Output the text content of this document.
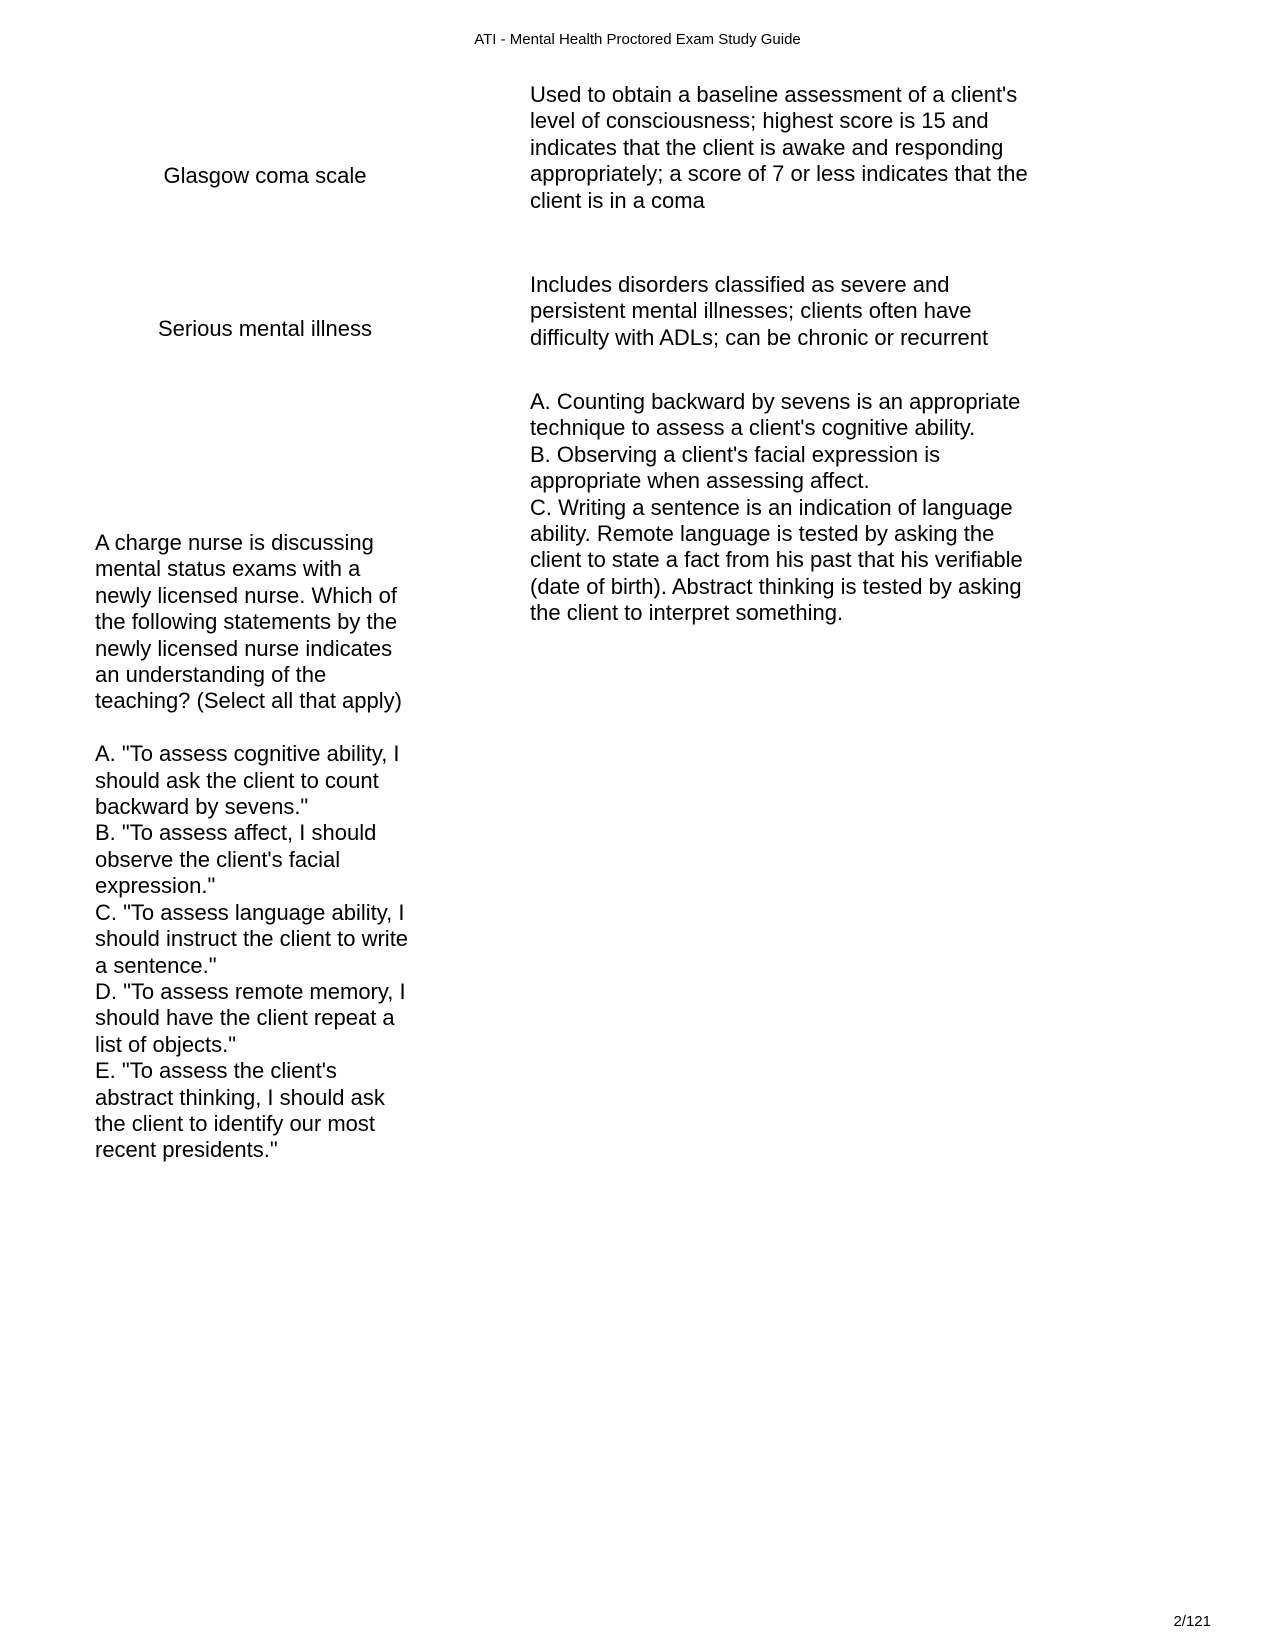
ATI - Mental Health Proctored Exam Study Guide
Glasgow coma scale
Used to obtain a baseline assessment of a client's
level of consciousness; highest score is 15 and
indicates that the client is awake and responding
appropriately; a score of 7 or less indicates that the
client is in a coma
Serious mental illness
Includes disorders classified as severe and
persistent mental illnesses; clients often have
difficulty with ADLs; can be chronic or recurrent
A charge nurse is discussing
mental status exams with a
newly licensed nurse. Which of
the following statements by the
newly licensed nurse indicates
an understanding of the
teaching? (Select all that apply)

A. "To assess cognitive ability, I
should ask the client to count
backward by sevens."
B. "To assess affect, I should
observe the client's facial
expression."
C. "To assess language ability, I
should instruct the client to write
a sentence."
D. "To assess remote memory, I
should have the client repeat a
list of objects."
E. "To assess the client's
abstract thinking, I should ask
the client to identify our most
recent presidents."
A. Counting backward by sevens is an appropriate
technique to assess a client's cognitive ability.
B. Observing a client's facial expression is
appropriate when assessing affect.
C. Writing a sentence is an indication of language
ability. Remote language is tested by asking the
client to state a fact from his past that his verifiable
(date of birth). Abstract thinking is tested by asking
the client to interpret something.
2/121
